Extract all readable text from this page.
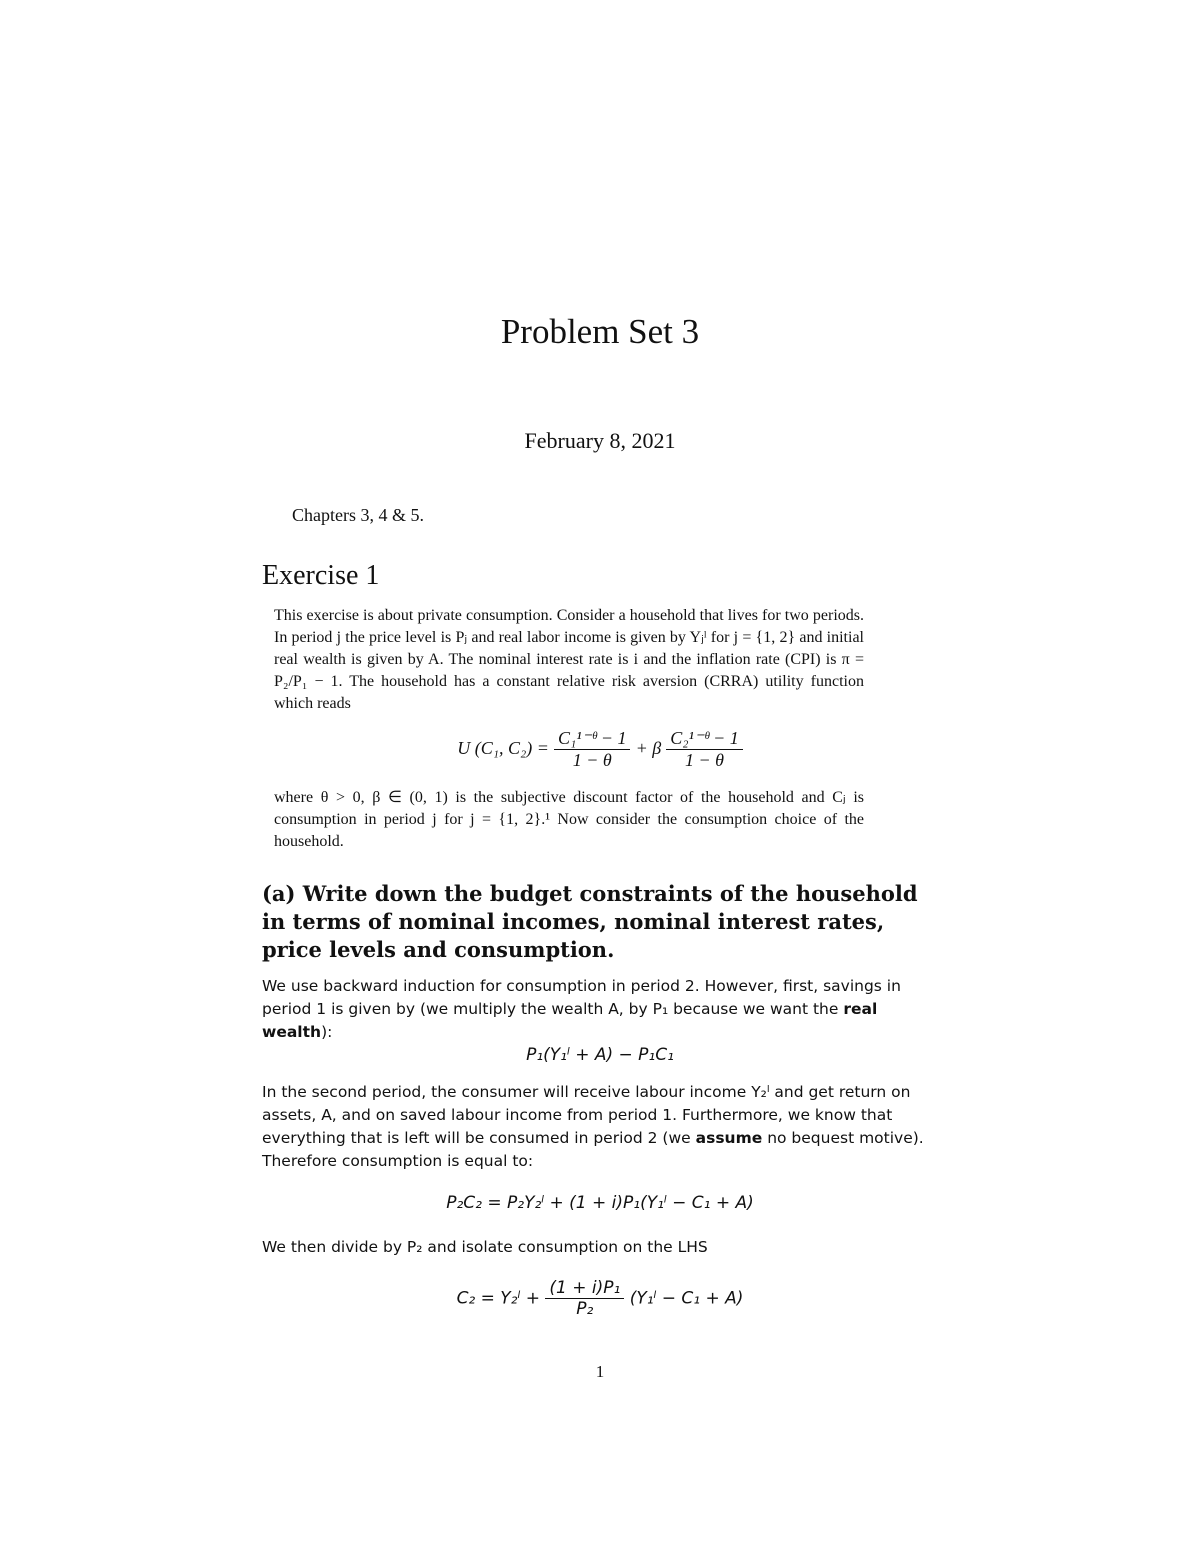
Problem Set 3
February 8, 2021
Chapters 3, 4 & 5.
Exercise 1
This exercise is about private consumption. Consider a household that lives for two periods. In period j the price level is Pⱼ and real labor income is given by Yⱼˡ for j = {1, 2} and initial real wealth is given by A. The nominal interest rate is i and the inflation rate (CPI) is π = P₂/P₁ − 1. The household has a constant relative risk aversion (CRRA) utility function which reads
U (C₁, $C_2) = \frac{\text{C₁¹⁻ᶿ − 1}}{1 - \theta} + \beta \frac{\text{C₂¹⁻ᶿ − 1}}{1 - \theta}$
where θ > 0, β ∈ (0, 1) is the subjective discount factor of the household and Cⱼ is consumption in period j for j = {1, 2}.¹ Now consider the consumption choice of the household.
(a) Write down the budget constraints of the household in terms of nominal incomes, nominal interest rates, price levels and consumption.
We use backward induction for consumption in period 2. However, first, savings in period 1 is given by (we multiply the wealth A, by P₁ because we want the real wealth):
P₁(Y₁ˡ + A) − P₁C₁
In the second period, the consumer will receive labour income Y₂ˡ and get return on assets, A, and on saved labour income from period 1. Furthermore, we know that everything that is left will be consumed in period 2 (we assume no bequest motive). Therefore consumption is equal to:
P₂C₂ = P₂Y₂ˡ + (1 + i)P₁(Y₁ˡ − C₁ + A)
We then divide by P₂ and isolate consumption on the LHS
C₂ = Y₂ˡ + $\frac{\text{(1 + i)P₁}}{\text{P₂}}$ (Y₁ˡ − C₁ + A)
1
